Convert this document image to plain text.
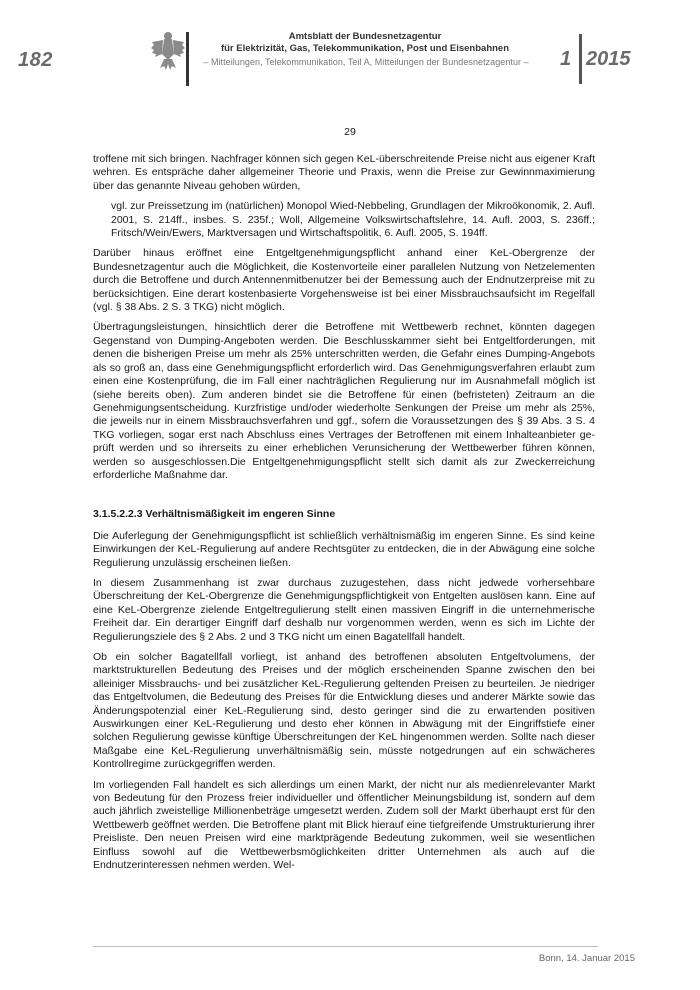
182
Amtsblatt der Bundesnetzagentur
für Elektrizität, Gas, Telekommunikation, Post und Eisenbahnen
– Mitteilungen, Telekommunikation, Teil A, Mitteilungen der Bundesnetzagentur – 1 2015
29

troffene mit sich bringen. Nachfrager können sich gegen KeL-überschreitende Preise nicht aus eigener Kraft wehren. Es entspräche daher allgemeiner Theorie und Praxis, wenn die Preise zur Gewinnmaximierung über das genannte Niveau gehoben würden,

vgl. zur Preissetzung im (natürlichen) Monopol Wied-Nebbeling, Grundlagen der Mikroökonomik, 2. Aufl. 2001, S. 214ff., insbes. S. 235f.; Woll, Allgemeine Volkswirtschaftslehre, 14. Aufl. 2003, S. 236ff.; Fritsch/Wein/Ewers, Marktversagen und Wirtschaftspolitik, 6. Aufl. 2005, S. 194ff.

Darüber hinaus eröffnet eine Entgeltgenehmigungspflicht anhand einer KeL-Obergrenze der Bundesnetzagentur auch die Möglichkeit, die Kostenvorteile einer parallelen Nutzung von Netzelementen durch die Betroffene und durch Antennenmitbenutzer bei der Bemessung auch der Endnutzerpreise mit zu berücksichtigen. Eine derart kostenbasierte Vorgehensweise ist bei einer Missbrauchsaufsicht im Regelfall (vgl. § 38 Abs. 2 S. 3 TKG) nicht möglich.

Übertragungsleistungen, hinsichtlich derer die Betroffene mit Wettbewerb rechnet, könnten dagegen Gegenstand von Dumping-Angeboten werden. Die Beschlusskammer sieht bei Entgeltforderungen, mit denen die bisherigen Preise um mehr als 25% unterschritten werden, die Gefahr eines Dumping-Angebots als so groß an, dass eine Genehmigungspflicht erforderlich wird. Das Genehmigungsverfahren erlaubt zum einen eine Kostenprüfung, die im Fall einer nachträglichen Regulierung nur im Ausnahmefall möglich ist (siehe bereits oben). Zum anderen bindet sie die Betroffene für einen (befristeten) Zeitraum an die Genehmigungsentscheidung. Kurzfristige und/oder wiederholte Senkungen der Preise um mehr als 25%, die jeweils nur in einem Missbrauchsverfahren und ggf., sofern die Voraussetzungen des § 39 Abs. 3 S. 4 TKG vorliegen, sogar erst nach Abschluss eines Vertrages der Betroffenen mit einem Inhalteanbieter geprüft werden und so ihrerseits zu einer erheblichen Verunsicherung der Wettbewerber führen können, werden so ausgeschlossen.Die Entgeltgenehmigungspflicht stellt sich damit als zur Zweckerreichung erforderliche Maßnahme dar.

3.1.5.2.2.3 Verhältnismäßigkeit im engeren Sinne

Die Auferlegung der Genehmigungspflicht ist schließlich verhältnismäßig im engeren Sinne. Es sind keine Einwirkungen der KeL-Regulierung auf andere Rechtsgüter zu entdecken, die in der Abwägung eine solche Regulierung unzulässig erscheinen ließen.

In diesem Zusammenhang ist zwar durchaus zuzugestehen, dass nicht jedwede vorhersehbare Überschreitung der KeL-Obergrenze die Genehmigungspflichtigkeit von Entgelten auslösen kann. Eine auf eine KeL-Obergrenze zielende Entgeltregulierung stellt einen massiven Eingriff in die unternehmerische Freiheit dar. Ein derartiger Eingriff darf deshalb nur vorgenommen werden, wenn es sich im Lichte der Regulierungsziele des § 2 Abs. 2 und 3 TKG nicht um einen Bagatellfall handelt.

Ob ein solcher Bagatellfall vorliegt, ist anhand des betroffenen absoluten Entgeltvolumens, der marktstrukturellen Bedeutung des Preises und der möglich erscheinenden Spanne zwischen den bei alleiniger Missbrauchs- und bei zusätzlicher KeL-Regulierung geltenden Preisen zu beurteilen. Je niedriger das Entgeltvolumen, die Bedeutung des Preises für die Entwicklung dieses und anderer Märkte sowie das Änderungspotenzial einer KeL-Regulierung sind, desto geringer sind die zu erwartenden positiven Auswirkungen einer KeL-Regulierung und desto eher können in Abwägung mit der Eingriffstiefe einer solchen Regulierung gewisse künftige Überschreitungen der KeL hingenommen werden. Sollte nach dieser Maßgabe eine KeL-Regulierung unverhältnismäßig sein, müsste notgedrungen auf ein schwächeres Kontrollregime zurückgegriffen werden.

Im vorliegenden Fall handelt es sich allerdings um einen Markt, der nicht nur als medienrelevanter Markt von Bedeutung für den Prozess freier individueller und öffentlicher Meinungsbildung ist, sondern auf dem auch jährlich zweistellige Millionenbeträge umgesetzt werden. Zudem soll der Markt überhaupt erst für den Wettbewerb geöffnet werden. Die Betroffene plant mit Blick hierauf eine tiefgreifende Umstrukturierung ihrer Preisliste. Den neuen Preisen wird eine marktprägende Bedeutung zukommen, weil sie wesentlichen Einfluss sowohl auf die Wettbewerbsmöglichkeiten dritter Unternehmen als auch auf die Endnutzerinteressen nehmen werden. Wel-

Bonn, 14. Januar 2015
